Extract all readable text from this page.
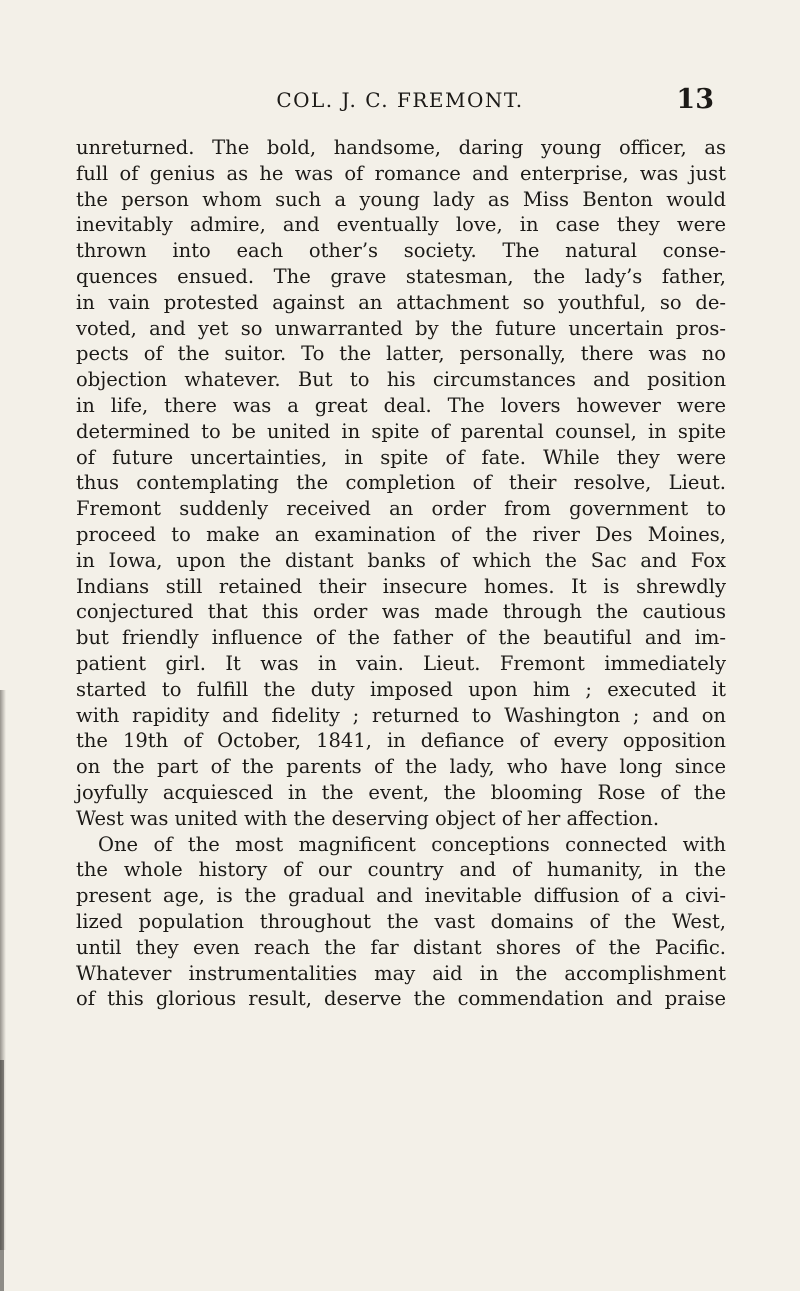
COL. J. C. FREMONT.	13
unreturned. The bold, handsome, daring young officer, as
full of genius as he was of romance and enterprise, was just
the person whom such a young lady as Miss Benton would
inevitably admire, and eventually love, in case they were
thrown into each other’s society. The natural conse-
quences ensued. The grave statesman, the lady’s father,
in vain protested against an attachment so youthful, so de-
voted, and yet so unwarranted by the future uncertain pros-
pects of the suitor. To the latter, personally, there was no
objection whatever. But to his circumstances and position
in life, there was a great deal. The lovers however were
determined to be united in spite of parental counsel, in spite
of future uncertainties, in spite of fate. While they were
thus contemplating the completion of their resolve, Lieut.
Fremont suddenly received an order from government to
proceed to make an examination of the river Des Moines,
in Iowa, upon the distant banks of which the Sac and Fox
Indians still retained their insecure homes. It is shrewdly
conjectured that this order was made through the cautious
but friendly influence of the father of the beautiful and im-
patient girl. It was in vain. Lieut. Fremont immediately
started to fulfill the duty imposed upon him ; executed it
with rapidity and fidelity ; returned to Washington ; and on
the 19th of October, 1841, in defiance of every opposition
on the part of the parents of the lady, who have long since
joyfully acquiesced in the event, the blooming Rose of the
West was united with the deserving object of her affection.
One of the most magnificent conceptions connected with
the whole history of our country and of humanity, in the
present age, is the gradual and inevitable diffusion of a civi-
lized population throughout the vast domains of the West,
until they even reach the far distant shores of the Pacific.
Whatever instrumentalities may aid in the accomplishment
of this glorious result, deserve the commendation and praise
